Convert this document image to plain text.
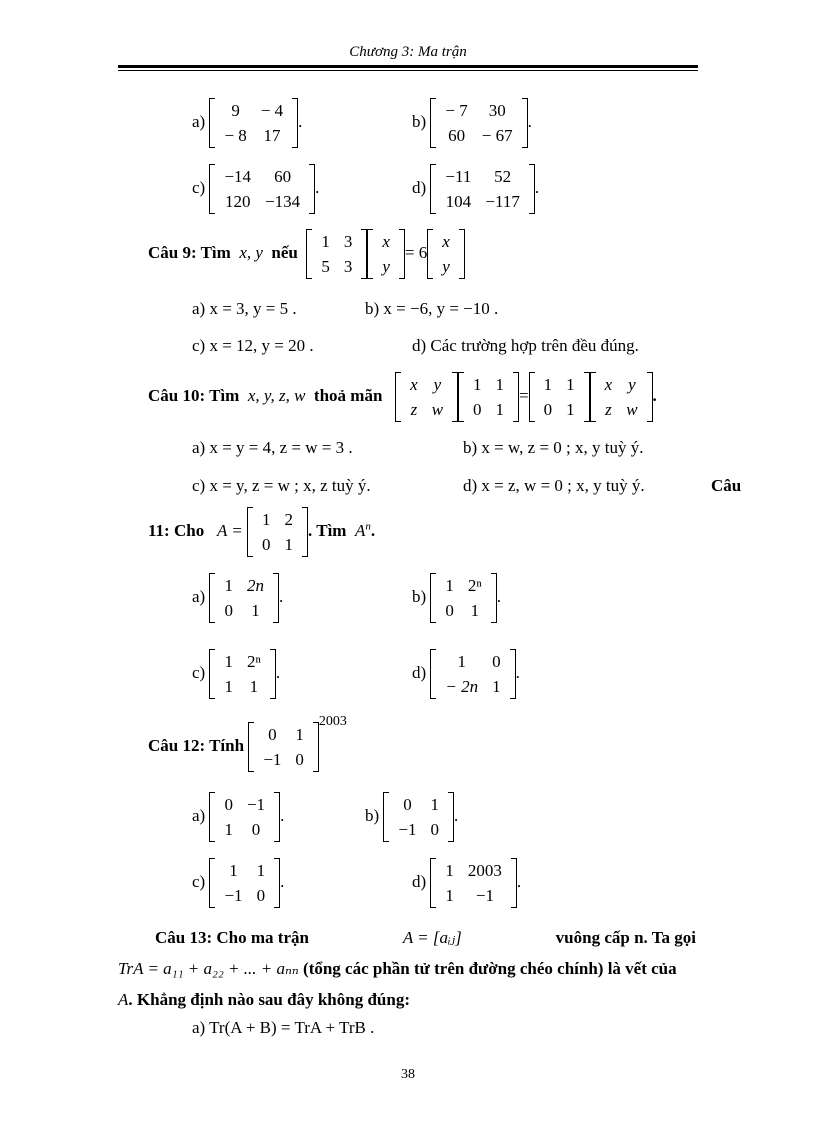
Chương 3: Ma trận
a)
9	− 4
− 8	17
.	b)
− 7	30
60	− 67
.
c)
−14	60
120	−134
.	d)
−11	52
104	−117
.
Câu 9: Tìm x, y nếu
1	3
5	3
x
y
= 6
x
y
a) x = 3, y = 5 .	b) x = −6, y = −10 .
c) x = 12, y = 20 .	d) Các trường hợp trên đều đúng.
Câu 10: Tìm x, y, z, w thoả mãn
x	y
z	w
1	1
0	1
=
1	1
0	1
x	y
z	w
.
a) x = y = 4, z = w = 3 .	b) x = w, z = 0 ; x, y tuỳ ý.
c) x = y, z = w ; x, z tuỳ ý.	d) x = z, w = 0 ; x, y tuỳ ý.	Câu
11: Cho A =
1	2
0	1
. Tìm $A^n$.
a)
1	2n
0	1
.	b)
1	2ⁿ
0	1
.
c)
1	2ⁿ
1	1
.	d)
1	0
− 2n	1
.
Câu 12: Tính
0	1
−1	0
$^{2003}$
a)
0	−1
1	0
.	b)
0	1
−1	0
.
c)
1	1
−1	0
.	d)
1	2003
1	−1
.
Câu 13: Cho ma trận	A = [aᵢⱼ]	vuông cấp n. Ta gọi
TrA = a₁₁ + a₂₂ + ... + aₙₙ (tổng các phần tử trên đường chéo chính) là vết của
A. Khẳng định nào sau đây không đúng:
a) Tr(A + B) = TrA + TrB .
38
